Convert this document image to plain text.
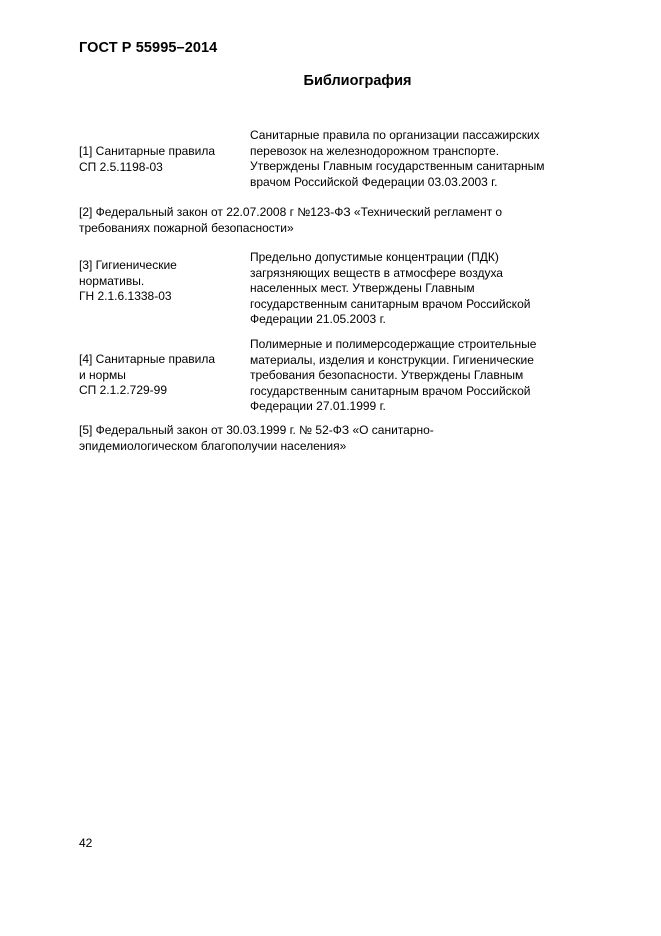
ГОСТ Р 55995–2014
Библиография
[1] Санитарные правила
СП 2.5.1198-03
Санитарные правила по организации пассажирских
перевозок на железнодорожном транспорте.
Утверждены Главным государственным санитарным
врачом Российской Федерации 03.03.2003 г.
[2] Федеральный закон от 22.07.2008 г №123-ФЗ «Технический регламент о
требованиях пожарной безопасности»
[3] Гигиенические
нормативы.
ГН 2.1.6.1338-03
Предельно допустимые концентрации (ПДК)
загрязняющих веществ в атмосфере воздуха
населенных мест. Утверждены Главным
государственным санитарным врачом Российской
Федерации 21.05.2003 г.
[4] Санитарные правила
и нормы
СП 2.1.2.729-99
Полимерные и полимерсодержащие строительные
материалы, изделия и конструкции. Гигиенические
требования безопасности. Утверждены Главным
государственным санитарным врачом Российской
Федерации 27.01.1999 г.
[5] Федеральный закон от 30.03.1999 г. № 52-ФЗ «О санитарно-
эпидемиологическом благополучии населения»
42
